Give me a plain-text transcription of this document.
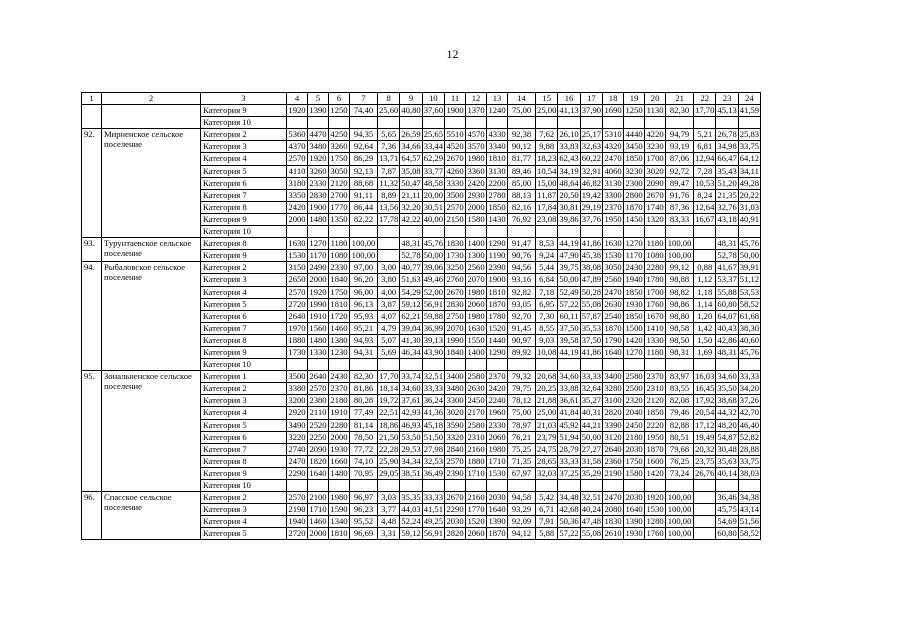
12
1	2	3	4	5	6	7	8	9	10	11	12	13	14	15	16	17	18	19	20	21	22	23	24
		Категория 9	1920	1390	1250	74,40	25,60	40,80	37,60	1900	1370	1240	75,00	25,00	41,13	37,90	1690	1250	1130	82,30	17,70	45,13	41,59
		Категория 10																					
92.	Мирненское сельское поселение	Категория 2	5360	4470	4250	94,35	5,65	26,59	25,65	5510	4570	4330	92,38	7,62	26,10	25,17	5310	4440	4220	94,79	5,21	26,78	25,83
		Категория 3	4370	3480	3260	92,64	7,36	34,66	33,44	4520	3570	3340	90,12	9,88	33,83	32,63	4320	3450	3230	93,19	6,81	34,98	33,75
		Категория 4	2570	1920	1750	86,29	13,71	64,57	62,29	2670	1980	1810	81,77	18,23	62,43	60,22	2470	1850	1700	87,06	12,94	66,47	64,12
		Категория 5	4110	3260	3050	92,13	7,87	35,08	33,77	4260	3360	3130	89,46	10,54	34,19	32,91	4060	3230	3020	92,72	7,28	35,43	34,11
		Категория 6	3180	2330	2120	88,68	11,32	50,47	48,58	3330	2420	2200	85,00	15,00	48,64	46,82	3130	2300	2090	89,47	10,53	51,20	49,28
		Категория 7	3350	2830	2700	91,11	8,89	21,11	20,00	3500	2930	2780	88,13	11,87	20,50	19,42	3300	2800	2670	91,76	8,24	21,35	20,22
		Категория 8	2420	1900	1770	86,44	13,56	32,20	30,51	2570	2000	1850	82,16	17,84	30,81	29,19	2370	1870	1740	87,36	12,64	32,76	31,03
		Категория 9	2000	1480	1350	82,22	17,78	42,22	40,00	2150	1580	1430	76,92	23,08	39,86	37,76	1950	1450	1320	83,33	16,67	43,18	40,91
		Категория 10																					
93.	Турунтаевское сельское поселение	Категория 8	1630	1270	1180	100,00		48,31	45,76	1830	1400	1290	91,47	8,53	44,19	41,86	1630	1270	1180	100,00		48,31	45,76
		Категория 9	1530	1170	1080	100,00		52,78	50,00	1730	1300	1190	90,76	9,24	47,90	45,38	1530	1170	1080	100,00		52,78	50,00
94.	Рыбаловское сельское поселение	Категория 2	3150	2490	2330	97,00	3,00	40,77	39,06	3250	2560	2390	94,56	5,44	39,75	38,08	3050	2430	2280	99,12	0,88	41,67	39,91
		Категория 3	2650	2000	1840	96,20	3,80	51,63	49,46	2760	2070	1900	93,16	6,84	50,00	47,89	2560	1940	1780	98,88	1,12	53,37	51,12
		Категория 4	2570	1920	1750	96,00	4,00	54,29	52,00	2670	1980	1810	92,82	7,18	52,49	50,28	2470	1850	1700	98,82	1,18	55,88	53,53
		Категория 5	2720	1990	1810	96,13	3,87	59,12	56,91	2830	2060	1870	93,05	6,95	57,22	55,08	2630	1930	1760	98,86	1,14	60,80	58,52
		Категория 6	2640	1910	1720	95,93	4,07	62,21	59,88	2750	1980	1780	92,70	7,30	60,11	57,87	2540	1850	1670	98,80	1,20	64,07	61,68
		Категория 7	1970	1560	1460	95,21	4,79	39,04	36,99	2070	1630	1520	91,45	8,55	37,50	35,53	1870	1500	1410	98,58	1,42	40,43	38,30
		Категория 8	1880	1480	1380	94,93	5,07	41,30	39,13	1990	1550	1440	90,97	9,03	39,58	37,50	1790	1420	1330	98,50	1,50	42,86	40,60
		Категория 9	1730	1330	1230	94,31	5,69	46,34	43,90	1840	1400	1290	89,92	10,08	44,19	41,86	1640	1270	1180	98,31	1,69	48,31	45,76
		Категория 10																					
95.	Зональненское сельское поселение	Категория 1	3500	2640	2430	82,30	17,70	33,74	32,51	3400	2580	2370	79,32	20,68	34,60	33,33	3400	2580	2370	83,97	16,03	34,60	33,33
		Категория 2	3380	2570	2370	81,86	18,14	34,60	33,33	3480	2630	2420	79,75	20,25	33,88	32,64	3280	2500	2310	83,55	16,45	35,50	34,20
		Категория 3	3200	2380	2180	80,28	19,72	37,61	36,24	3300	2450	2240	78,12	21,88	36,61	35,27	3100	2320	2120	82,08	17,92	38,68	37,26
		Категория 4	2920	2110	1910	77,49	22,51	42,93	41,36	3020	2170	1960	75,00	25,00	41,84	40,31	2820	2040	1850	79,46	20,54	44,32	42,70
		Категория 5	3490	2520	2280	81,14	18,86	46,93	45,18	3590	2580	2330	78,97	21,03	45,92	44,21	3390	2450	2220	82,88	17,12	48,20	46,40
		Категория 6	3220	2250	2000	78,50	21,50	53,50	51,50	3320	2310	2060	76,21	23,79	51,94	50,00	3120	2180	1950	80,51	19,49	54,87	52,82
		Категория 7	2740	2090	1930	77,72	22,28	29,53	27,98	2840	2160	1980	75,25	24,75	28,79	27,27	2640	2030	1870	79,68	20,32	30,48	28,88
		Категория 8	2470	1820	1660	74,10	25,90	34,34	32,53	2570	1880	1710	71,35	28,65	33,33	31,58	2360	1750	1600	76,25	23,75	35,63	33,75
		Категория 9	2290	1640	1480	70,95	29,05	38,51	36,49	2390	1710	1530	67,97	32,03	37,25	35,29	2190	1580	1420	73,24	26,76	40,14	38,03
		Категория 10																					
96.	Спасское сельское поселение	Категория 2	2570	2100	1980	96,97	3,03	35,35	33,33	2670	2160	2030	94,58	5,42	34,48	32,51	2470	2030	1920	100,00		36,46	34,38
		Категория 3	2190	1710	1590	96,23	3,77	44,03	41,51	2290	1770	1640	93,29	6,71	42,68	40,24	2080	1640	1530	100,00		45,75	43,14
		Категория 4	1940	1460	1340	95,52	4,48	52,24	49,25	2030	1520	1390	92,09	7,91	50,36	47,48	1830	1390	1280	100,00		54,69	51,56
		Категория 5	2720	2000	1810	96,69	3,31	59,12	56,91	2820	2060	1870	94,12	5,88	57,22	55,08	2610	1930	1760	100,00		60,80	58,52
